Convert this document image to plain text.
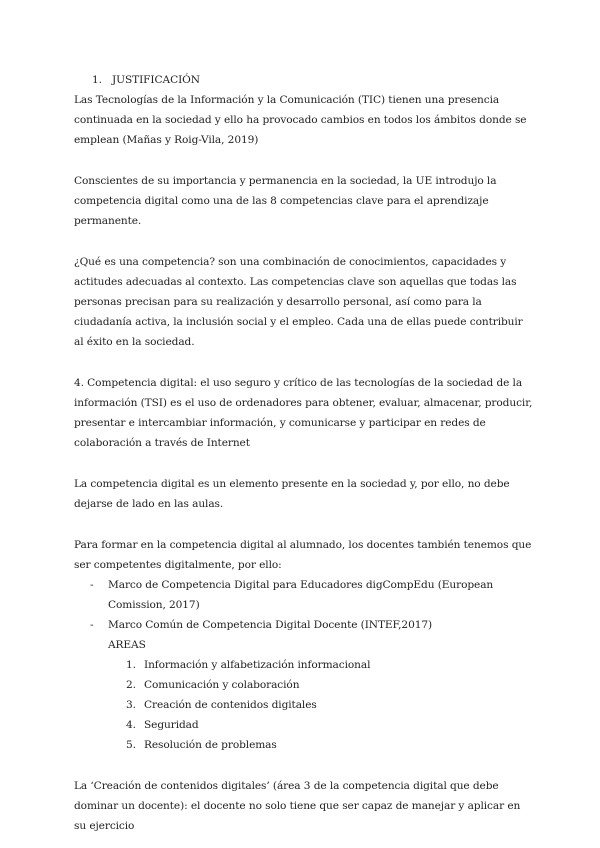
1. JUSTIFICACIÓN

Las Tecnologías de la Información y la Comunicación (TIC) tienen una presencia continuada en la sociedad y ello ha provocado cambios en todos los ámbitos donde se emplean (Mañas y Roig-Vila, 2019)

Conscientes de su importancia y permanencia en la sociedad, la UE introdujo la competencia digital como una de las 8 competencias clave para el aprendizaje permanente.

¿Qué es una competencia? son una combinación de conocimientos, capacidades y actitudes adecuadas al contexto. Las competencias clave son aquellas que todas las personas precisan para su realización y desarrollo personal, así como para la ciudadanía activa, la inclusión social y el empleo. Cada una de ellas puede contribuir al éxito en la sociedad.

4. Competencia digital: el uso seguro y crítico de las tecnologías de la sociedad de la información (TSI) es el uso de ordenadores para obtener, evaluar, almacenar, producir, presentar e intercambiar información, y comunicarse y participar en redes de colaboración a través de Internet

La competencia digital es un elemento presente en la sociedad y, por ello, no debe dejarse de lado en las aulas.

Para formar en la competencia digital al alumnado, los docentes también tenemos que ser competentes digitalmente, por ello:

-	Marco de Competencia Digital para Educadores digCompEdu (European Comission, 2017)
-	Marco Común de Competencia Digital Docente (INTEF,2017)
AREAS
1. Información y alfabetización informacional
2. Comunicación y colaboración
3. Creación de contenidos digitales
4. Seguridad
5. Resolución de problemas

La ‘Creación de contenidos digitales’ (área 3 de la competencia digital que debe dominar un docente): el docente no solo tiene que ser capaz de manejar y aplicar en su ejercicio
